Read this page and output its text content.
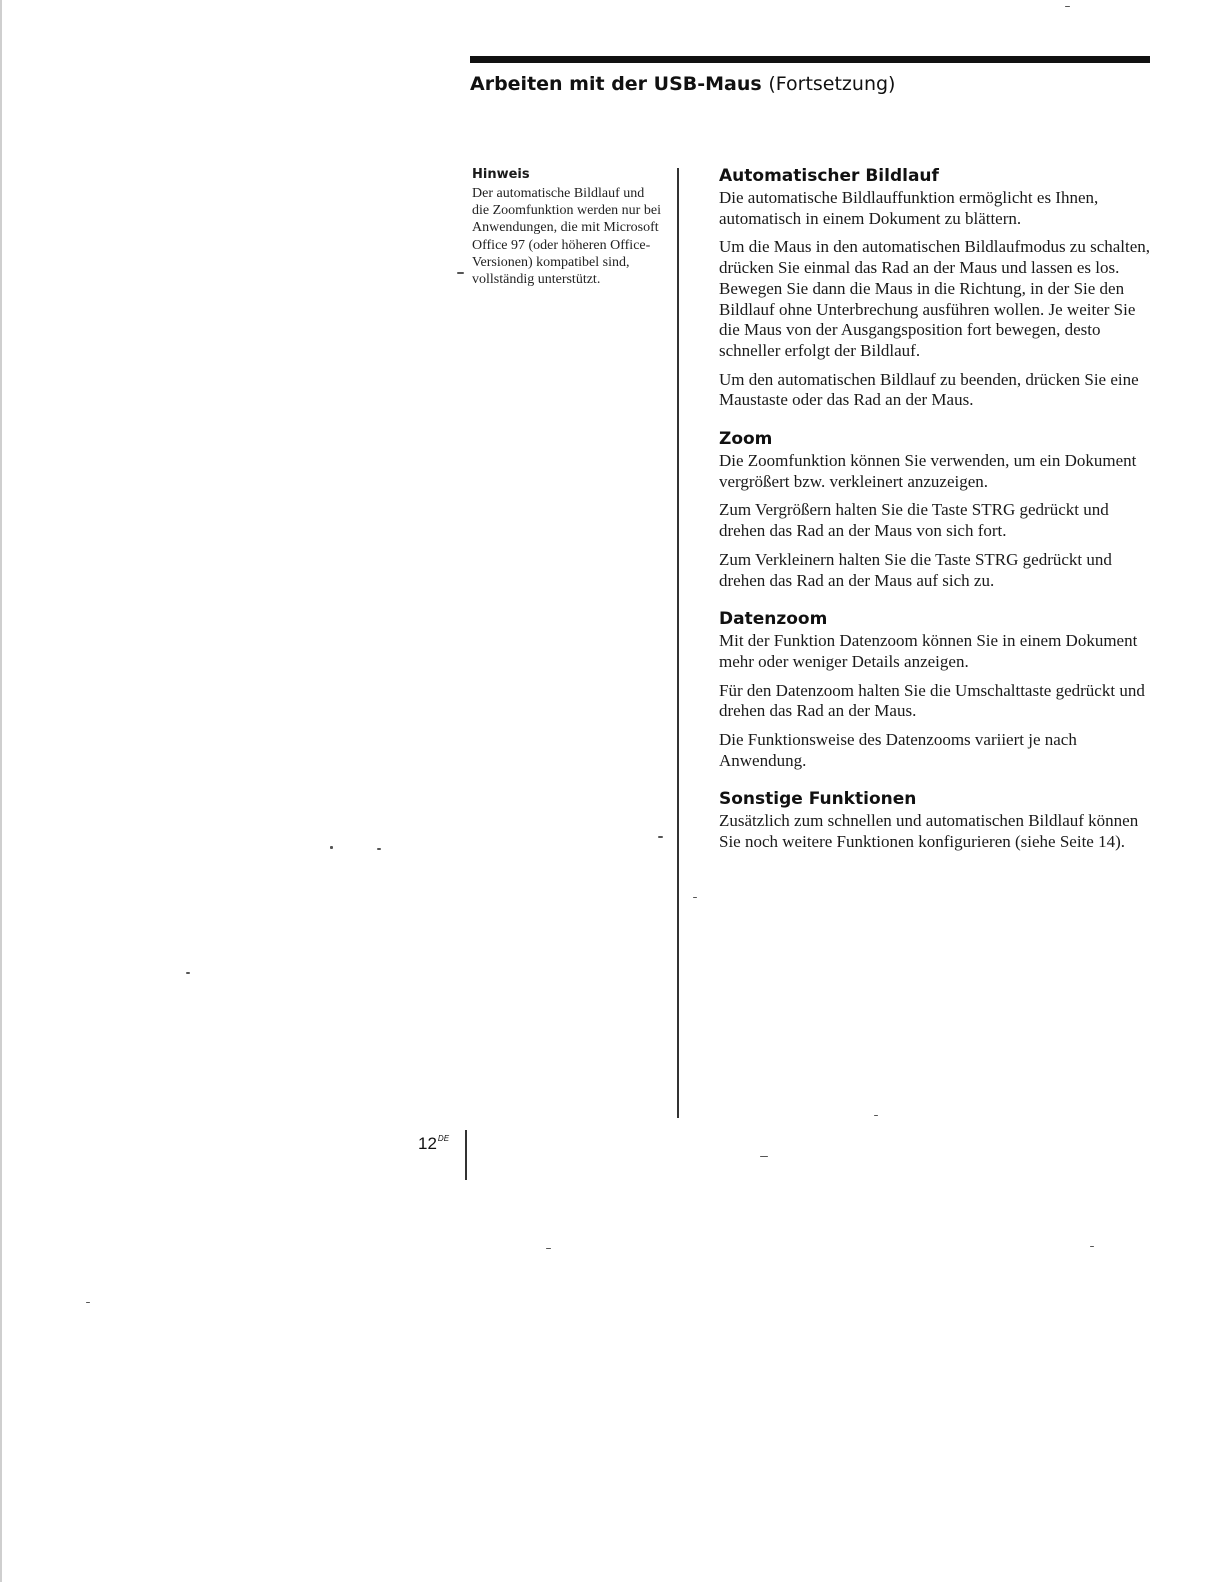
Arbeiten mit der USB-Maus (Fortsetzung)
Hinweis

Der automatische Bildlauf und die Zoomfunktion werden nur bei Anwendungen, die mit Microsoft Office 97 (oder höheren Office-Versionen) kompatibel sind, vollständig unterstützt.

Automatischer Bildlauf

Die automatische Bildlauffunktion ermöglicht es Ihnen, automatisch in einem Dokument zu blättern.

Um die Maus in den automatischen Bildlaufmodus zu schalten, drücken Sie einmal das Rad an der Maus und lassen es los. Bewegen Sie dann die Maus in die Richtung, in der Sie den Bildlauf ohne Unterbrechung ausführen wollen. Je weiter Sie die Maus von der Ausgangsposition fort bewegen, desto schneller erfolgt der Bildlauf.

Um den automatischen Bildlauf zu beenden, drücken Sie eine Maustaste oder das Rad an der Maus.

Zoom

Die Zoomfunktion können Sie verwenden, um ein Dokument vergrößert bzw. verkleinert anzuzeigen.

Zum Vergrößern halten Sie die Taste STRG gedrückt und drehen das Rad an der Maus von sich fort.

Zum Verkleinern halten Sie die Taste STRG gedrückt und drehen das Rad an der Maus auf sich zu.

Datenzoom

Mit der Funktion Datenzoom können Sie in einem Dokument mehr oder weniger Details anzeigen.

Für den Datenzoom halten Sie die Umschalttaste gedrückt und drehen das Rad an der Maus.

Die Funktionsweise des Datenzooms variiert je nach Anwendung.

Sonstige Funktionen

Zusätzlich zum schnellen und automatischen Bildlauf können Sie noch weitere Funktionen konfigurieren (siehe Seite 14).

12DE
